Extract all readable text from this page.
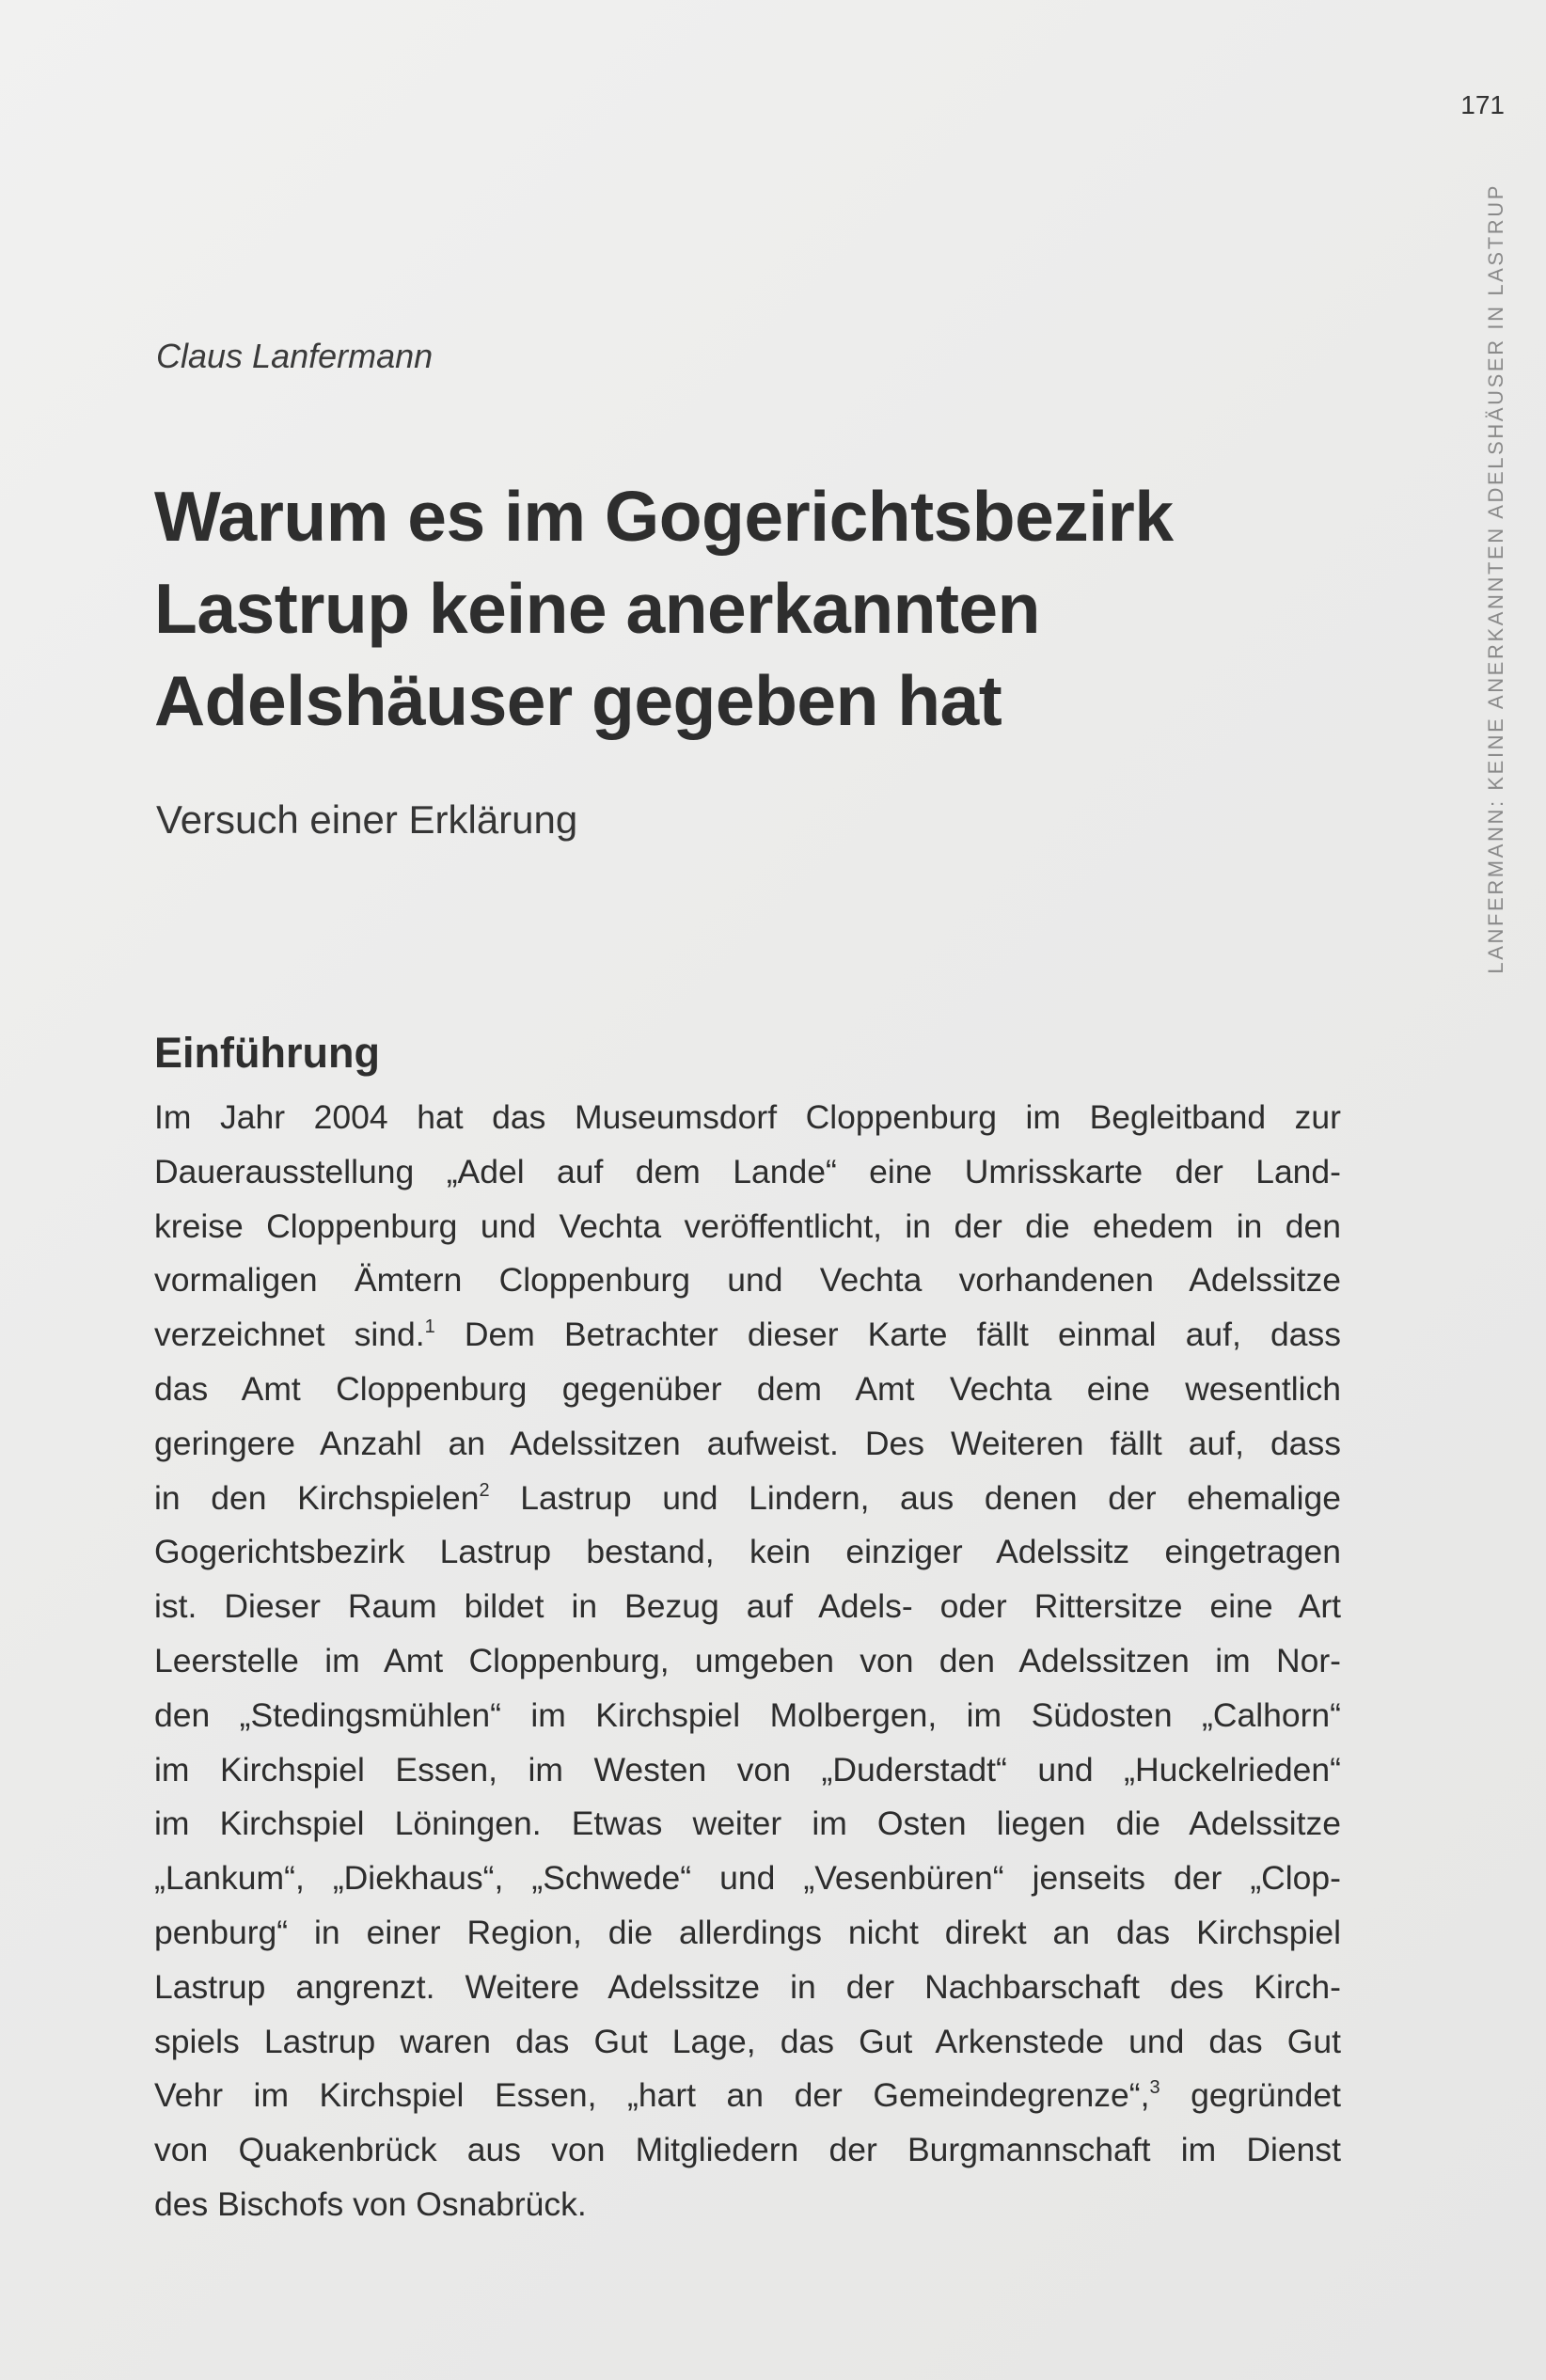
171
LANFERMANN: KEINE ANERKANNTEN ADELSHÄUSER IN LASTRUP
Claus Lanfermann
Warum es im Gogerichtsbezirk
Lastrup keine anerkannten
Adelshäuser gegeben hat
Versuch einer Erklärung
Einführung
Im Jahr 2004 hat das Museumsdorf Cloppenburg im Begleitband zur
Dauerausstellung „Adel auf dem Lande“ eine Umrisskarte der Land-
kreise Cloppenburg und Vechta veröffentlicht, in der die ehedem in den
vormaligen Ämtern Cloppenburg und Vechta vorhandenen Adelssitze
verzeichnet sind.$^1$ Dem Betrachter dieser Karte fällt einmal auf, dass
das Amt Cloppenburg gegenüber dem Amt Vechta eine wesentlich
geringere Anzahl an Adelssitzen aufweist. Des Weiteren fällt auf, dass
in den Kirchspielen$^2$ Lastrup und Lindern, aus denen der ehemalige
Gogerichtsbezirk Lastrup bestand, kein einziger Adelssitz eingetragen
ist. Dieser Raum bildet in Bezug auf Adels- oder Rittersitze eine Art
Leerstelle im Amt Cloppenburg, umgeben von den Adelssitzen im Nor-
den „Stedingsmühlen“ im Kirchspiel Molbergen, im Südosten „Calhorn“
im Kirchspiel Essen, im Westen von „Duderstadt“ und „Huckelrieden“
im Kirchspiel Löningen. Etwas weiter im Osten liegen die Adelssitze
„Lankum“, „Diekhaus“, „Schwede“ und „Vesenbüren“ jenseits der „Clop-
penburg“ in einer Region, die allerdings nicht direkt an das Kirchspiel
Lastrup angrenzt. Weitere Adelssitze in der Nachbarschaft des Kirch-
spiels Lastrup waren das Gut Lage, das Gut Arkenstede und das Gut
Vehr im Kirchspiel Essen, „hart an der Gemeindegrenze“,$^3$ gegründet
von Quakenbrück aus von Mitgliedern der Burgmannschaft im Dienst
des Bischofs von Osnabrück.
